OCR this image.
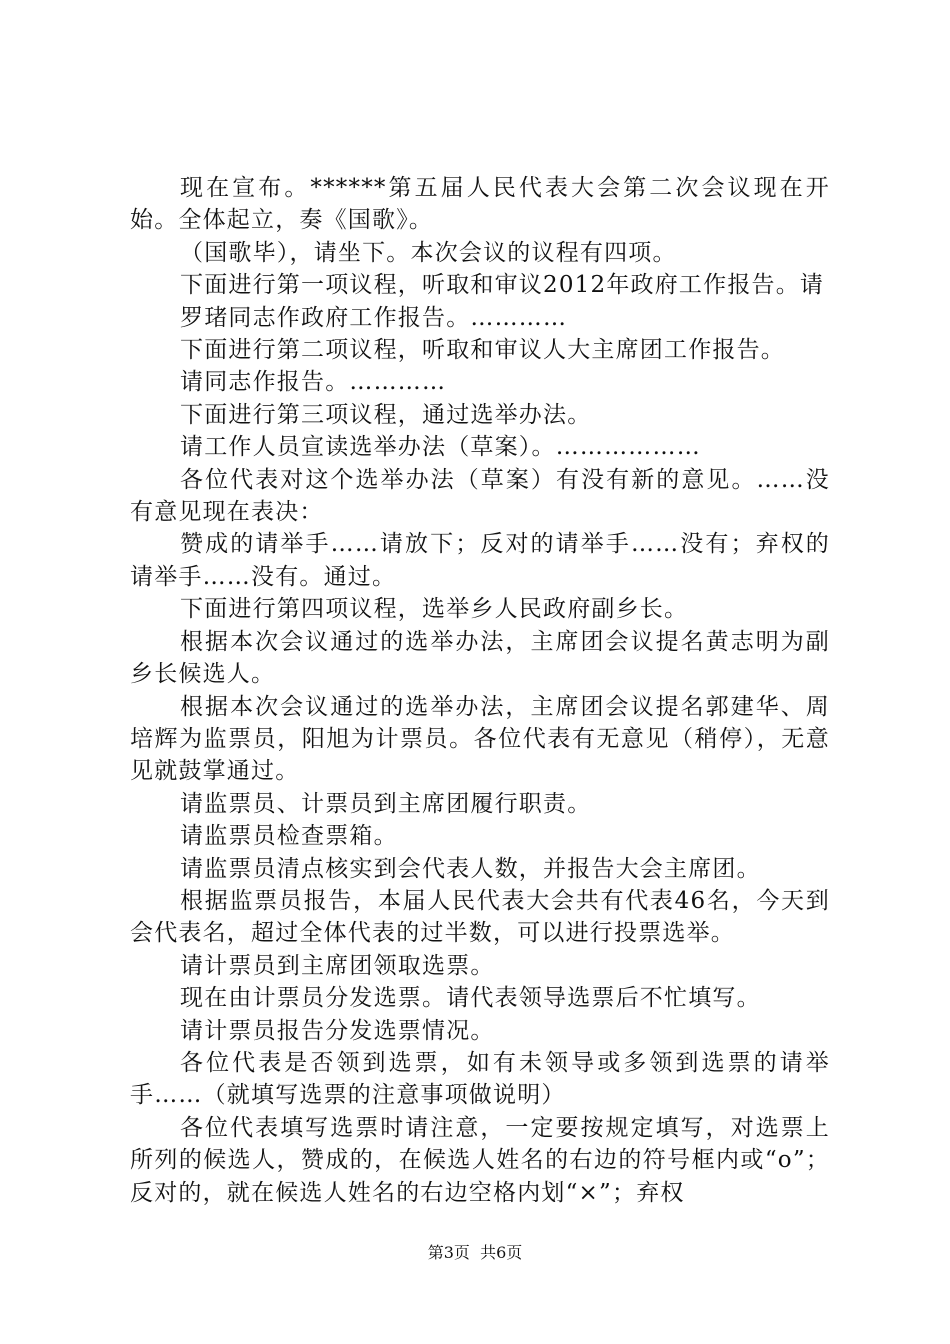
现在宣布。******第五届人民代表大会第二次会议现在开始。全体起立，奏《国歌》。

（国歌毕），请坐下。本次会议的议程有四项。

下面进行第一项议程，听取和审议2012年政府工作报告。请

罗琽同志作政府工作报告。…………

下面进行第二项议程，听取和审议人大主席团工作报告。

请同志作报告。…………

下面进行第三项议程，通过选举办法。

请工作人员宣读选举办法（草案）。………………

各位代表对这个选举办法（草案）有没有新的意见。……没有意见现在表决：

赞成的请举手……请放下；反对的请举手……没有；弃权的请举手……没有。通过。

下面进行第四项议程，选举乡人民政府副乡长。

根据本次会议通过的选举办法，主席团会议提名黄志明为副乡长候选人。

根据本次会议通过的选举办法，主席团会议提名郭建华、周培辉为监票员，阳旭为计票员。各位代表有无意见（稍停），无意见就鼓掌通过。

请监票员、计票员到主席团履行职责。

请监票员检查票箱。

请监票员清点核实到会代表人数，并报告大会主席团。

根据监票员报告，本届人民代表大会共有代表46名，今天到会代表名，超过全体代表的过半数，可以进行投票选举。

请计票员到主席团领取选票。

现在由计票员分发选票。请代表领导选票后不忙填写。

请计票员报告分发选票情况。

各位代表是否领到选票，如有未领导或多领到选票的请举手……（就填写选票的注意事项做说明）

各位代表填写选票时请注意，一定要按规定填写，对选票上所列的候选人，赞成的，在候选人姓名的右边的符号框内或“o”；反对的，就在候选人姓名的右边空格内划“×”；弃权

第3页 共6页
